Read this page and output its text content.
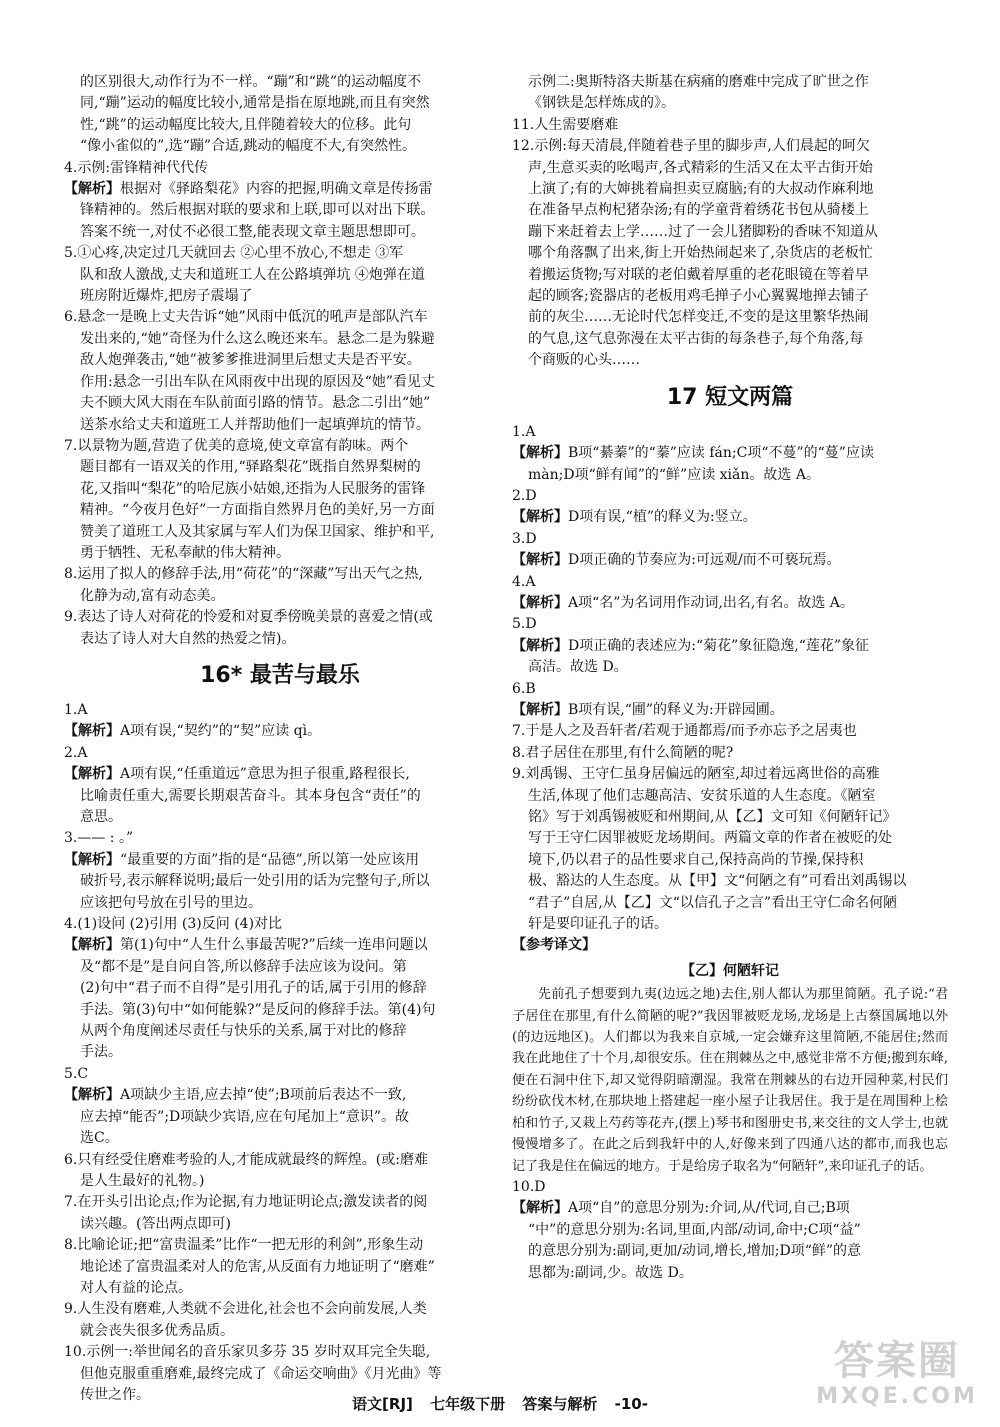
的区别很大,动作行为不一样。“蹦”和“跳”的运动幅度不

同,“蹦”运动的幅度比较小,通常是指在原地跳,而且有突然

性,“跳”的运动幅度比较大,且伴随着较大的位移。此句

“像小雀似的”,选“蹦”合适,跳动的幅度不大,有突然性。

4.示例:雷锋精神代代传

【解析】根据对《驿路梨花》内容的把握,明确文章是传扬雷

锋精神的。然后根据对联的要求和上联,即可以对出下联。

答案不统一,对仗不必很工整,能表现文章主题思想即可。

5.①心疼,决定过几天就回去 ②心里不放心,不想走 ③军

队和敌人激战,丈夫和道班工人在公路填弹坑 ④炮弹在道

班房附近爆炸,把房子震塌了

6.悬念一是晚上丈夫告诉“她”风雨中低沉的吼声是部队汽车

发出来的,“她”奇怪为什么这么晚还来车。悬念二是为躲避

敌人炮弹袭击,“她”被爹爹推进洞里后想丈夫是否平安。

作用:悬念一引出车队在风雨夜中出现的原因及“她”看见丈

夫不顾大风大雨在车队前面引路的情节。悬念二引出“她”

送茶水给丈夫和道班工人并帮助他们一起填弹坑的情节。

7.以景物为题,营造了优美的意境,使文章富有韵味。两个

题目都有一语双关的作用,“驿路梨花”既指自然界梨树的

花,又指叫“梨花”的哈尼族小姑娘,还指为人民服务的雷锋

精神。“今夜月色好”一方面指自然界月色的美好,另一方面

赞美了道班工人及其家属与军人们为保卫国家、维护和平,

勇于牺牲、无私奉献的伟大精神。

8.运用了拟人的修辞手法,用“荷花”的“深藏”写出天气之热,

化静为动,富有动态美。

9.表达了诗人对荷花的怜爱和对夏季傍晚美景的喜爱之情(或

表达了诗人对大自然的热爱之情)。

16* 最苦与最乐

1.A

【解析】A项有误,“契约”的“契”应读 qì。

2.A

【解析】A项有误,“任重道远”意思为担子很重,路程很长,

比喻责任重大,需要长期艰苦奋斗。其本身包含“责任”的

意思。

3.—— : 。”

【解析】“最重要的方面”指的是“品德”,所以第一处应该用

破折号,表示解释说明;最后一处引用的话为完整句子,所以

应该把句号放在引号的里边。

4.(1)设问 (2)引用 (3)反问 (4)对比

【解析】第(1)句中“人生什么事最苦呢?”后续一连串问题以

及“都不是”是自问自答,所以修辞手法应该为设问。第

(2)句中“君子而不自得”是引用孔子的话,属于引用的修辞

手法。第(3)句中“如何能躲?”是反问的修辞手法。第(4)句

从两个角度阐述尽责任与快乐的关系,属于对比的修辞

手法。

5.C

【解析】A项缺少主语,应去掉“使”;B项前后表达不一致,

应去掉“能否”;D项缺少宾语,应在句尾加上“意识”。故

选C。

6.只有经受住磨难考验的人,才能成就最终的辉煌。(或:磨难

是人生最好的礼物。)

7.在开头引出论点;作为论据,有力地证明论点;激发读者的阅

读兴趣。(答出两点即可)

8.比喻论证;把“富贵温柔”比作“一把无形的利剑”,形象生动

地论述了富贵温柔对人的危害,从反面有力地证明了“磨难”

对人有益的论点。

9.人生没有磨难,人类就不会进化,社会也不会向前发展,人类

就会丧失很多优秀品质。

10.示例一:举世闻名的音乐家贝多芬 35 岁时双耳完全失聪,

但他克服重重磨难,最终完成了《命运交响曲》《月光曲》等

传世之作。

示例二:奥斯特洛夫斯基在病痛的磨难中完成了旷世之作

《钢铁是怎样炼成的》。

11.人生需要磨难

12.示例:每天清晨,伴随着巷子里的脚步声,人们晨起的呵欠

声,生意买卖的吆喝声,各式精彩的生活又在太平古街开始

上演了;有的大婶挑着扁担卖豆腐脑;有的大叔动作麻利地

在准备早点枸杞猪杂汤;有的学童背着绣花书包从骑楼上

蹦下来赶着去上学……过了一会儿猪脚粉的香味不知道从

哪个角落飘了出来,街上开始热闹起来了,杂货店的老板忙

着搬运货物;写对联的老伯戴着厚重的老花眼镜在等着早

起的顾客;瓷器店的老板用鸡毛掸子小心翼翼地掸去铺子

前的灰尘……无论时代怎样变迁,不变的是这里繁华热闹

的气息,这气息弥漫在太平古街的每条巷子,每个角落,每

个商贩的心头……

17 短文两篇

1.A

【解析】B项“綦蓁”的“蓁”应读 fán;C项“不蔓”的“蔓”应读

màn;D项“鲜有闻”的“鲜”应读 xiǎn。故选 A。

2.D

【解析】D项有误,“植”的释义为:竖立。

3.D

【解析】D项正确的节奏应为:可远观/而不可亵玩焉。

4.A

【解析】A项“名”为名词用作动词,出名,有名。故选 A。

5.D

【解析】D项正确的表述应为:“菊花”象征隐逸,“莲花”象征

高洁。故选 D。

6.B

【解析】B项有误,“圃”的释义为:开辟园圃。

7.于是人之及吾轩者/若观于通都焉/而予亦忘予之居夷也

8.君子居住在那里,有什么简陋的呢?

9.刘禹锡、王守仁虽身居偏远的陋室,却过着远离世俗的高雅

生活,体现了他们志趣高洁、安贫乐道的人生态度。《陋室

铭》写于刘禹锡被贬和州期间,从【乙】文可知《何陋轩记》

写于王守仁因罪被贬龙场期间。两篇文章的作者在被贬的处

境下,仍以君子的品性要求自己,保持高尚的节操,保持积

极、豁达的人生态度。从【甲】文“何陋之有”可看出刘禹锡以

“君子”自居,从【乙】文“以信孔子之言”看出王守仁命名何陋

轩是要印证孔子的话。

【参考译文】

【乙】何陋轩记

先前孔子想要到九夷(边远之地)去住,别人都认为那里简陋。孔子说:“君子居住在那里,有什么简陋的呢?”我因罪被贬龙场,龙场是上古蔡国属地以外(的边远地区)。人们都以为我来自京城,一定会嫌弃这里简陋,不能居住;然而我在此地住了十个月,却很安乐。住在荆棘丛之中,感觉非常不方便;搬到东峰,便在石洞中住下,却又觉得阴暗潮湿。我常在荆棘丛的右边开园种菜,村民们纷纷砍伐木材,在那块地上搭建起一座小屋子让我居住。我于是在周围种上桧柏和竹子,又栽上芍药等花卉,(摆上)琴书和图册史书,来交往的文人学士,也就慢慢增多了。在此之后到我轩中的人,好像来到了四通八达的都市,而我也忘记了我是住在偏远的地方。于是给房子取名为“何陋轩”,来印证孔子的话。

10.D

【解析】A项“自”的意思分别为:介词,从/代词,自己;B项

“中”的意思分别为:名词,里面,内部/动词,命中;C项“益”

的意思分别为:副词,更加/动词,增长,增加;D项“鲜”的意

思都为:副词,少。故选 D。

语文[RJ] 七年级下册 答案与解析 -10-
答案圈
MXQE.COM
